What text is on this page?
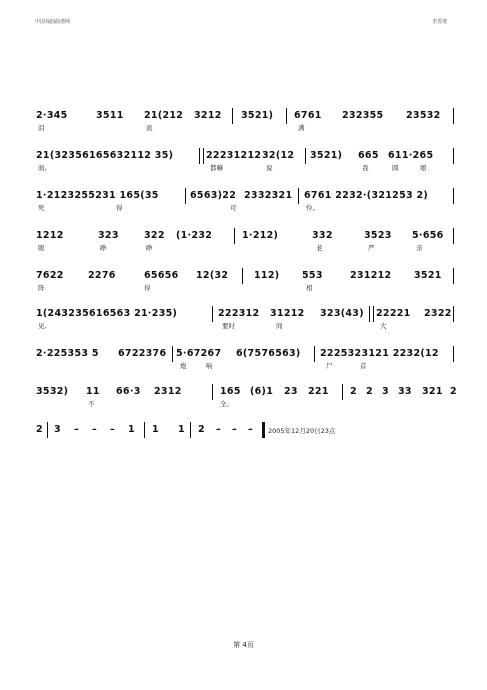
中国戏曲曲谱网	李香谱
2·345	3511 21(212 3212 3521) 6761 232355 23532
泪	流	满
21(32356165632112 35)	22231212 32(12 3521) 665 611·265
面,	都嘛	说	我	圆	娘
1·2123255231 165(35	6563)22 2332321 6761 2232·(321253 2)
死	得	可	怜。
1212	323	322 (1·232	1·212)	332	3523 5·656
眼	睁	睁	老	严	亲
7622	2276	65656 12(32	112) 553	231212 3521
阵	得	相
1(243235616563 21·235)	222312 31212 323(43) 22221 2322
见,	要时	间	大
2·225353 5 6722376 5·67267 6(7576563) 2225323121 2232(12
炮	响	尸	首
3532) 11 66·3 2312	165 (6)1 23 221 2 2 3 33 321 2
不	全。
2 3 – – – 1 1 1 2 – – – 2005年12月20日23点
第 4页
